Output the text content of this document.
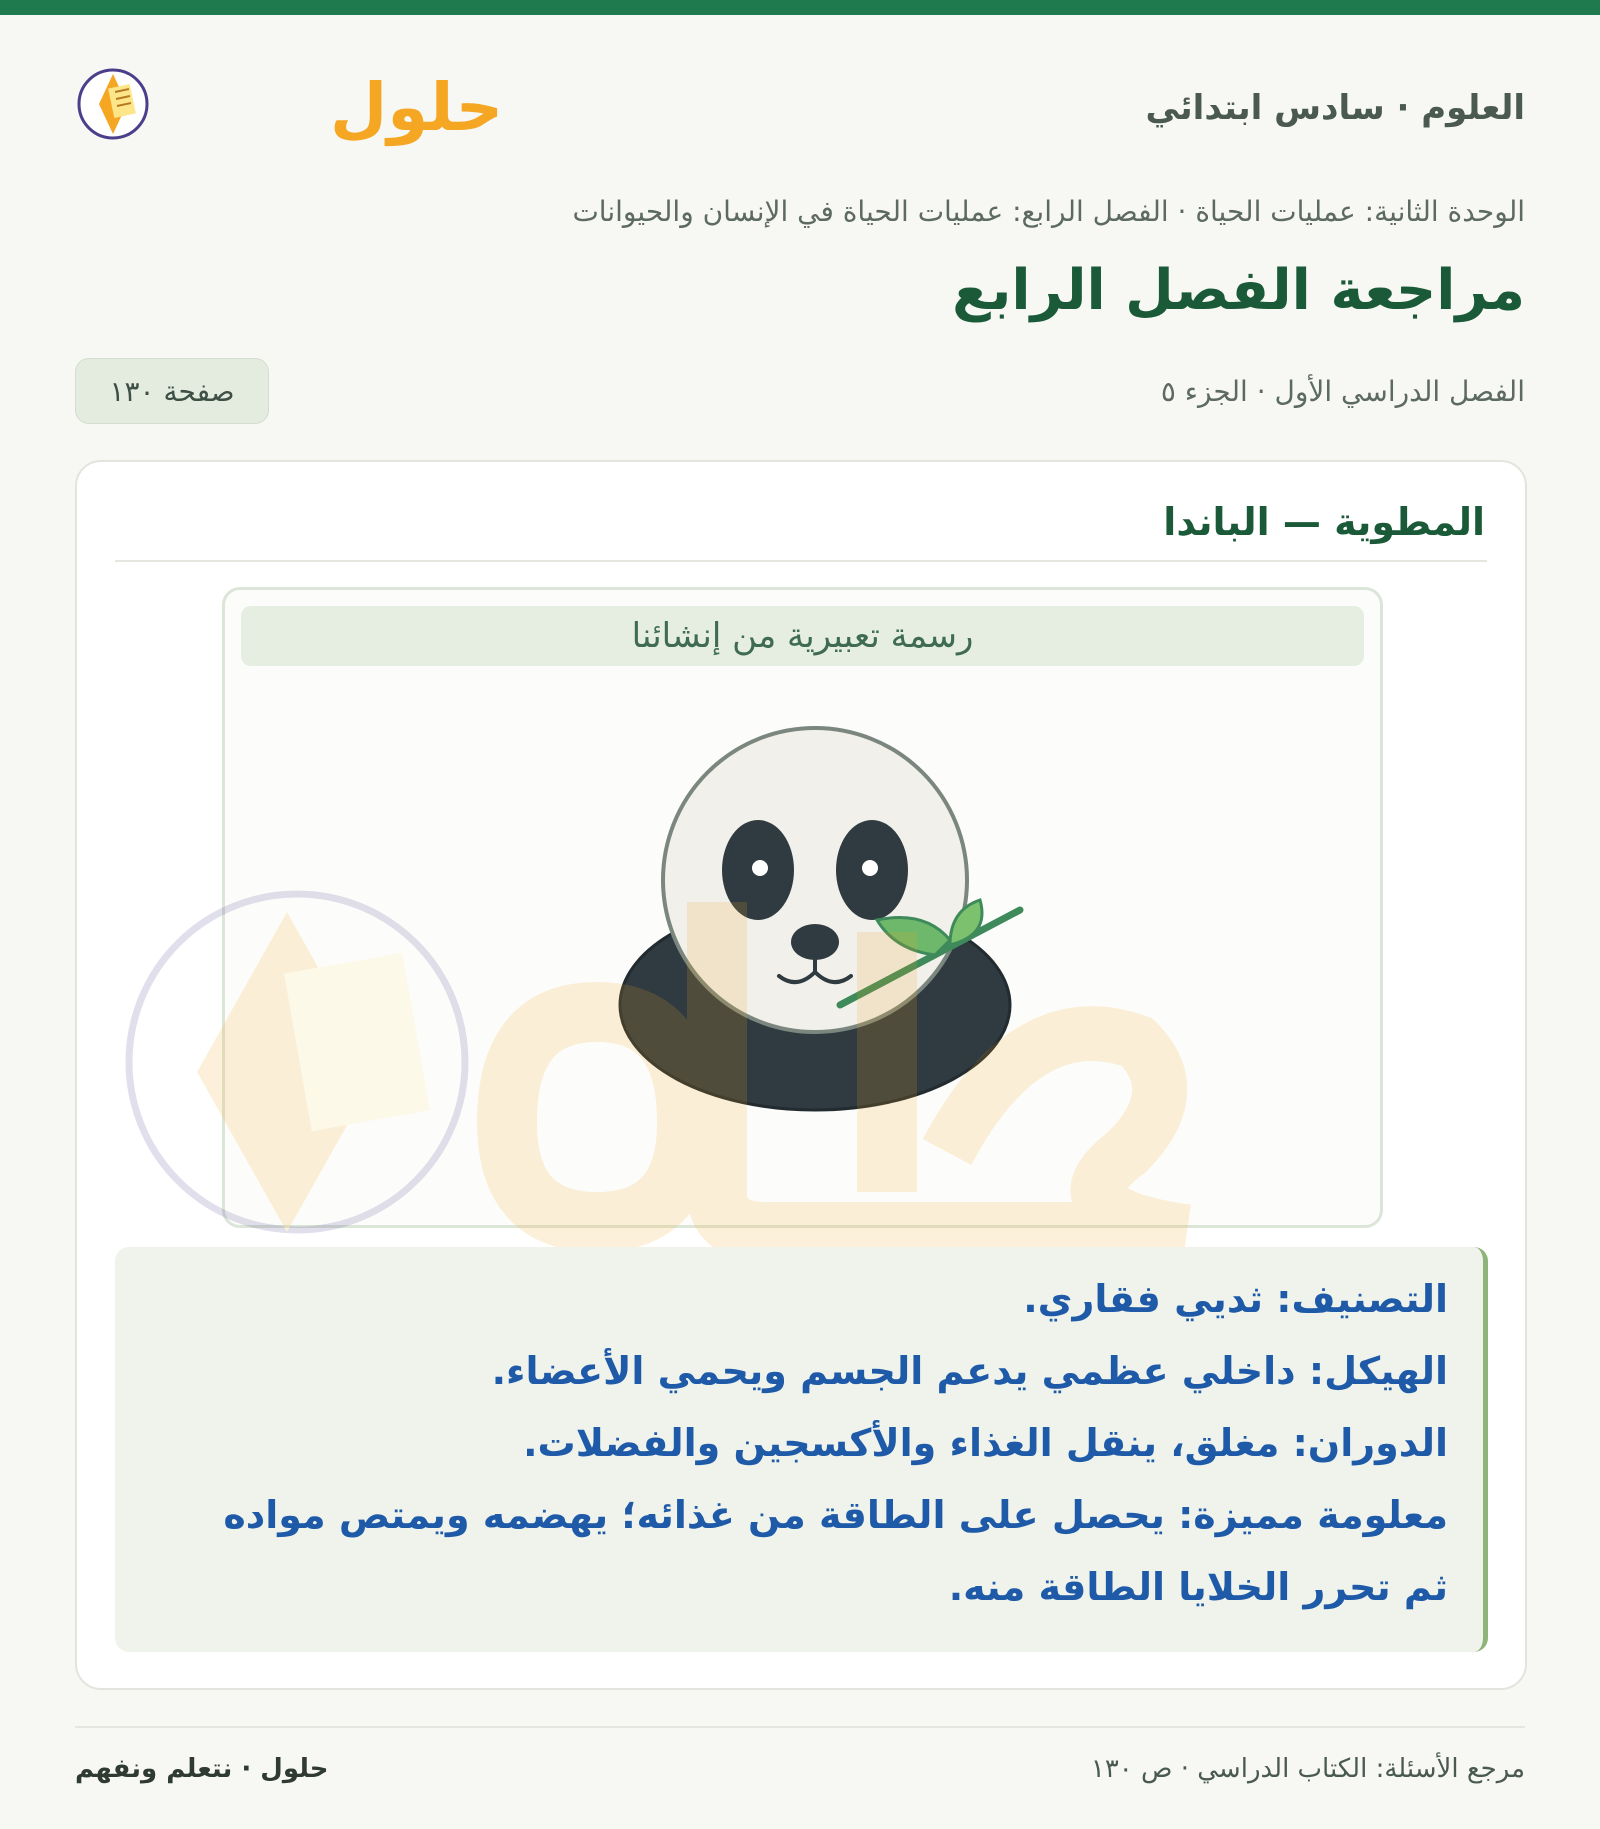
العلوم · سادس ابتدائي
حلول
الوحدة الثانية: عمليات الحياة · الفصل الرابع: عمليات الحياة في الإنسان والحيوانات
مراجعة الفصل الرابع
الفصل الدراسي الأول · الجزء ٥
صفحة ١٣٠
المطوية — الباندا
رسمة تعبيرية من إنشائنا
التصنيف: ثديي فقاري.
الهيكل: داخلي عظمي يدعم الجسم ويحمي الأعضاء.
الدوران: مغلق، ينقل الغذاء والأكسجين والفضلات.
معلومة مميزة: يحصل على الطاقة من غذائه؛ يهضمه ويمتص مواده
ثم تحرر الخلايا الطاقة منه.
حلول · نتعلم ونفهم	مرجع الأسئلة: الكتاب الدراسي · ص ١٣٠
